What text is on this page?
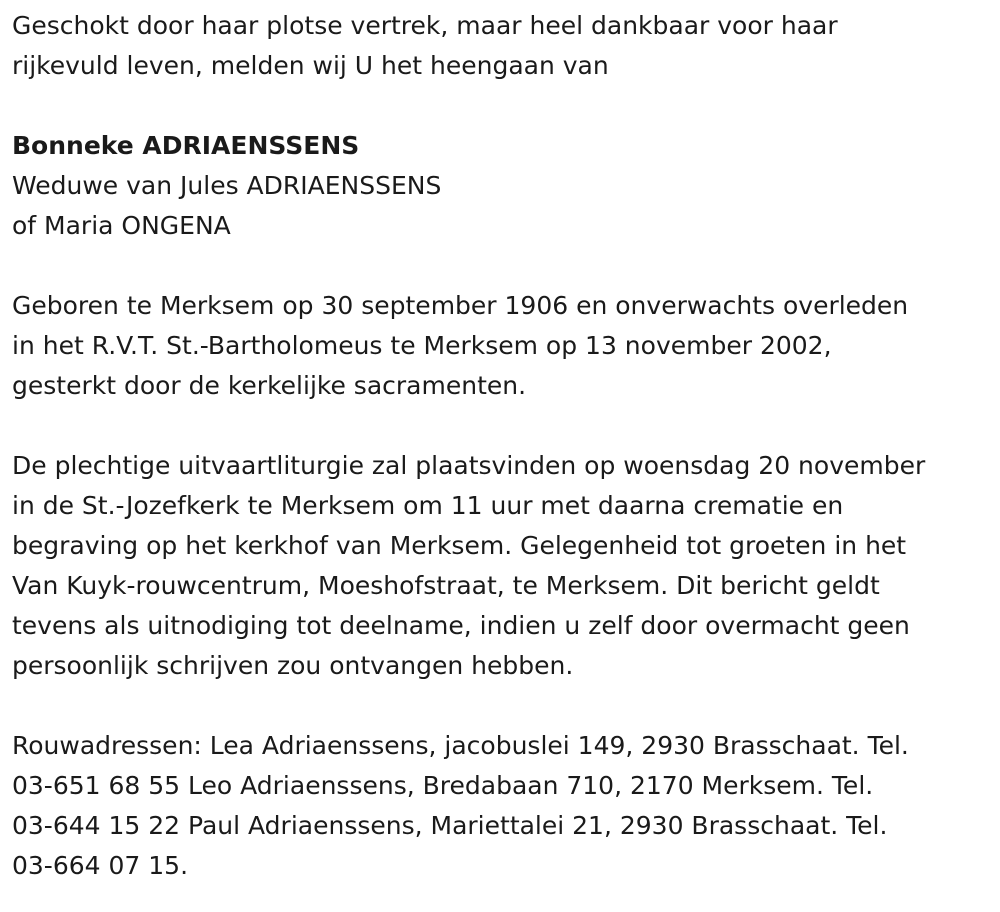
Geschokt door haar plotse vertrek, maar heel dankbaar voor haar
rijkevuld leven, melden wij U het heengaan van

Bonneke ADRIAENSSENS
Weduwe van Jules ADRIAENSSENS
of Maria ONGENA

Geboren te Merksem op 30 september 1906 en onverwachts overleden
in het R.V.T. St.-Bartholomeus te Merksem op 13 november 2002,
gesterkt door de kerkelijke sacramenten.

De plechtige uitvaartliturgie zal plaatsvinden op woensdag 20 november
in de St.-Jozefkerk te Merksem om 11 uur met daarna crematie en
begraving op het kerkhof van Merksem. Gelegenheid tot groeten in het
Van Kuyk-rouwcentrum, Moeshofstraat, te Merksem. Dit bericht geldt
tevens als uitnodiging tot deelname, indien u zelf door overmacht geen
persoonlijk schrijven zou ontvangen hebben.

Rouwadressen: Lea Adriaenssens, jacobuslei 149, 2930 Brasschaat. Tel.
03-651 68 55 Leo Adriaenssens, Bredabaan 710, 2170 Merksem. Tel.
03-644 15 22 Paul Adriaenssens, Mariettalei 21, 2930 Brasschaat. Tel.
03-664 07 15.
